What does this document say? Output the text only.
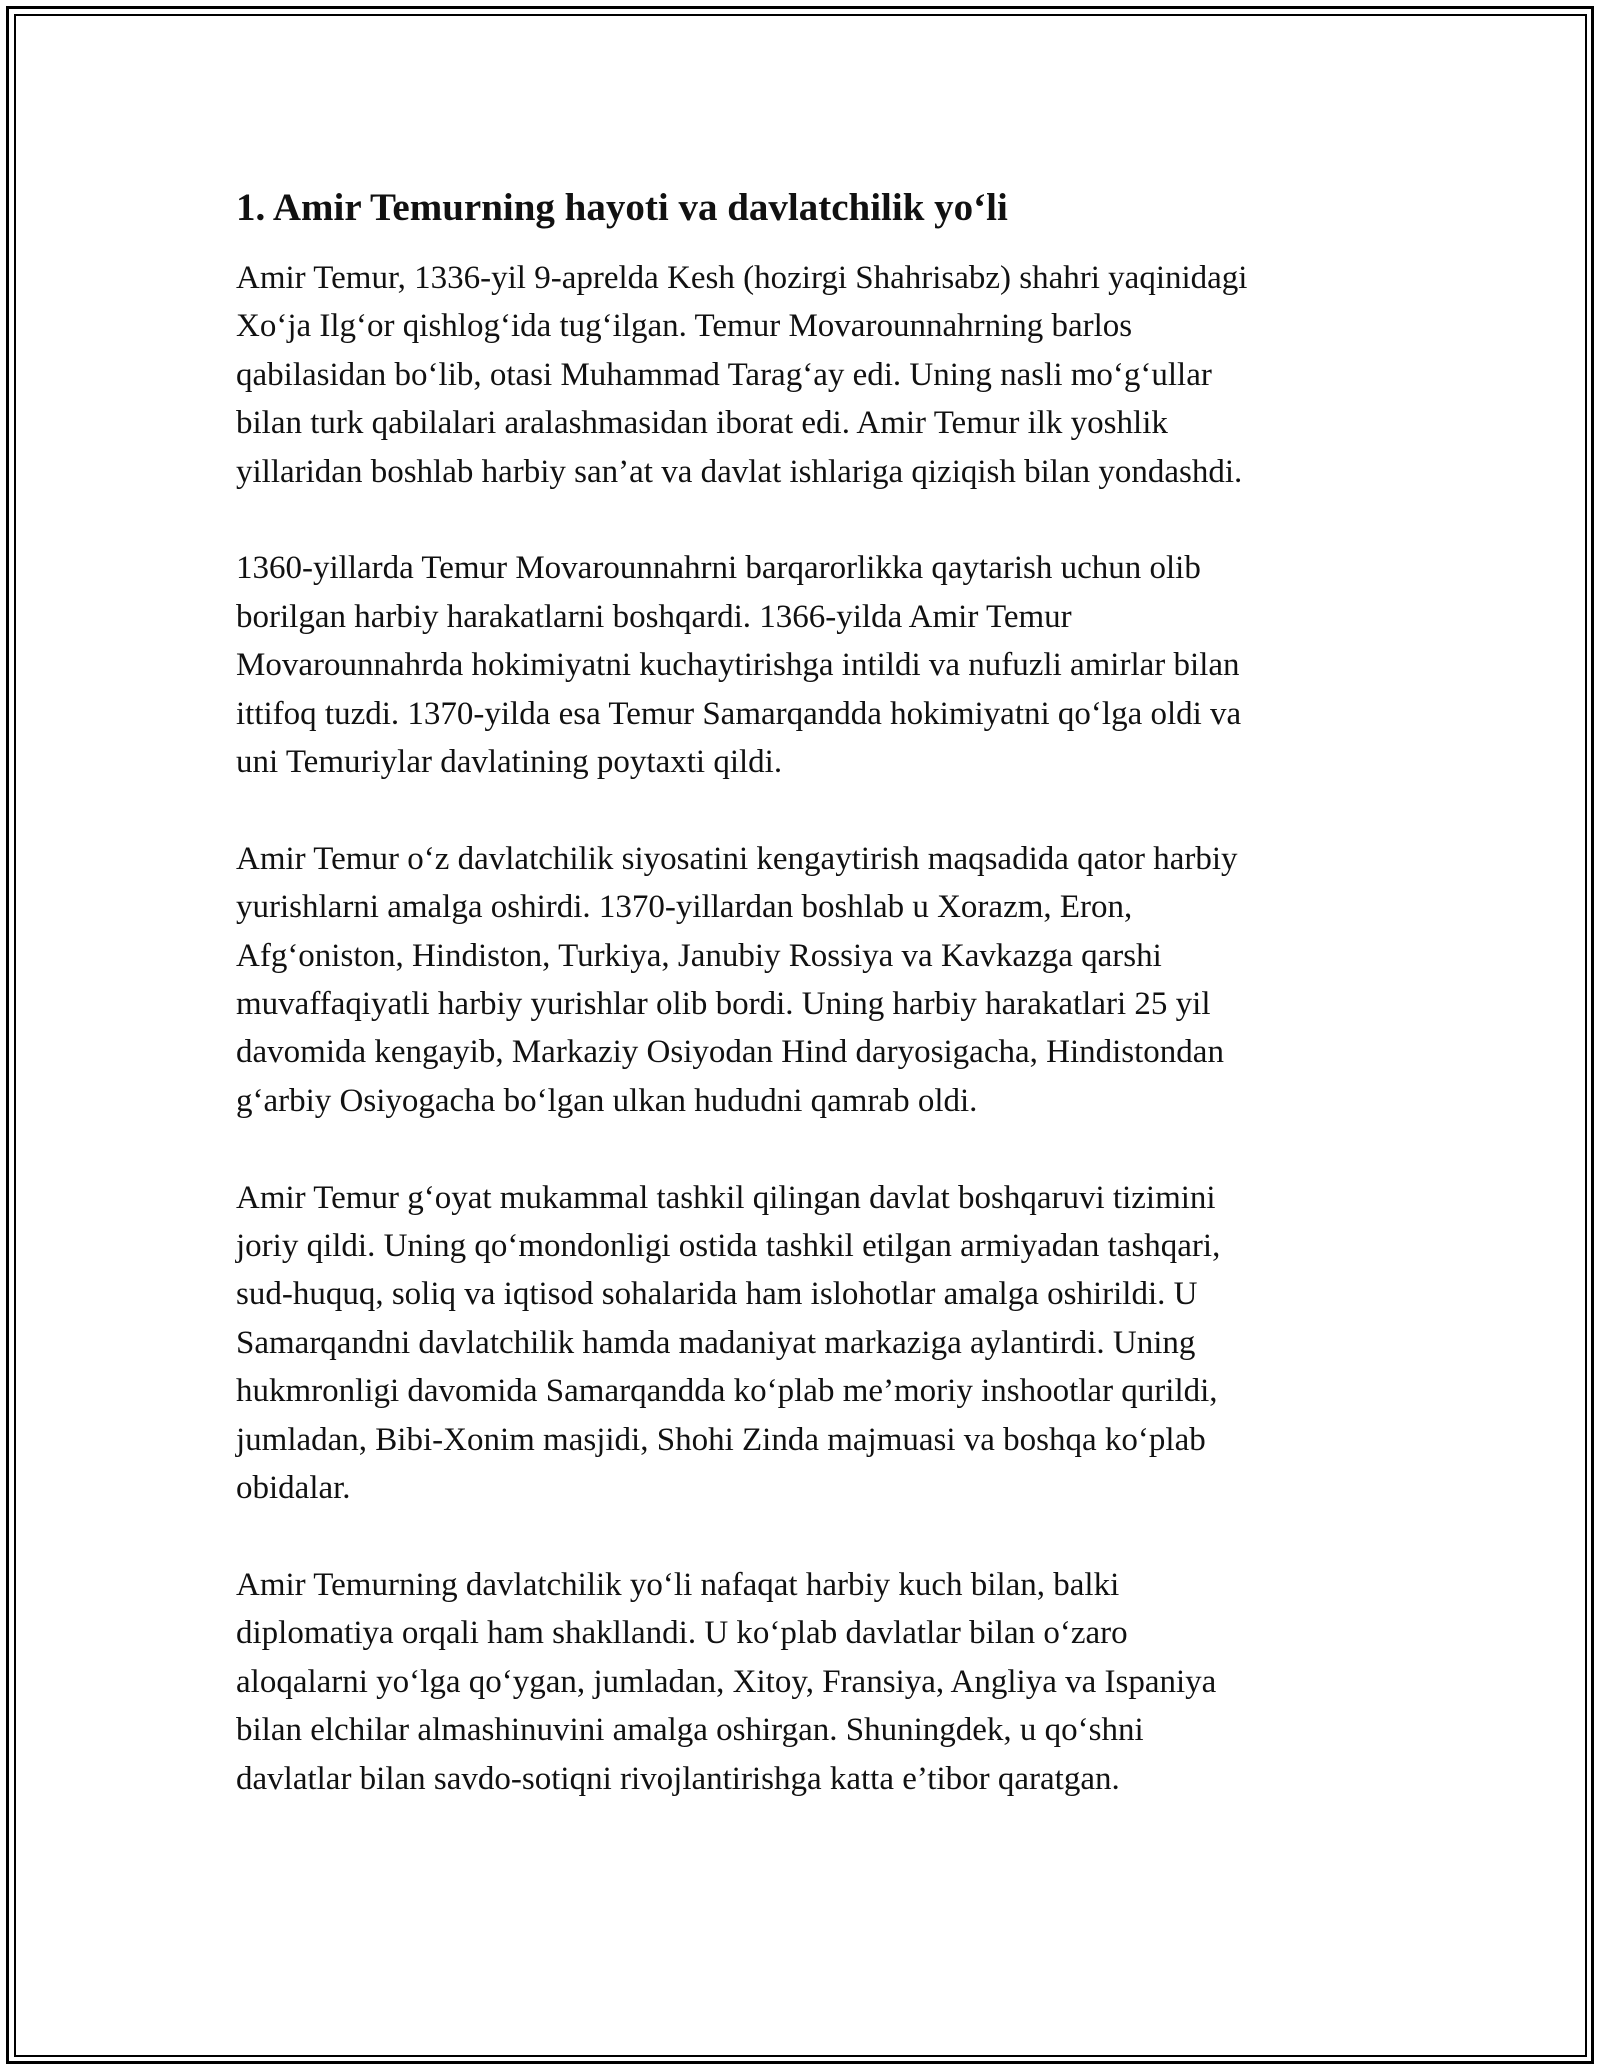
1. Amir Temurning hayoti va davlatchilik yo‘li

Amir Temur, 1336-yil 9-aprelda Kesh (hozirgi Shahrisabz) shahri yaqinidagi
Xo‘ja Ilg‘or qishlog‘ida tug‘ilgan. Temur Movarounnahrning barlos
qabilasidan bo‘lib, otasi Muhammad Tarag‘ay edi. Uning nasli mo‘g‘ullar
bilan turk qabilalari aralashmasidan iborat edi. Amir Temur ilk yoshlik
yillaridan boshlab harbiy san’at va davlat ishlariga qiziqish bilan yondashdi.

1360-yillarda Temur Movarounnahrni barqarorlikka qaytarish uchun olib
borilgan harbiy harakatlarni boshqardi. 1366-yilda Amir Temur
Movarounnahrda hokimiyatni kuchaytirishga intildi va nufuzli amirlar bilan
ittifoq tuzdi. 1370-yilda esa Temur Samarqandda hokimiyatni qo‘lga oldi va
uni Temuriylar davlatining poytaxti qildi.

Amir Temur o‘z davlatchilik siyosatini kengaytirish maqsadida qator harbiy
yurishlarni amalga oshirdi. 1370-yillardan boshlab u Xorazm, Eron,
Afg‘oniston, Hindiston, Turkiya, Janubiy Rossiya va Kavkazga qarshi
muvaffaqiyatli harbiy yurishlar olib bordi. Uning harbiy harakatlari 25 yil
davomida kengayib, Markaziy Osiyodan Hind daryosigacha, Hindistondan
g‘arbiy Osiyogacha bo‘lgan ulkan hududni qamrab oldi.

Amir Temur g‘oyat mukammal tashkil qilingan davlat boshqaruvi tizimini
joriy qildi. Uning qo‘mondonligi ostida tashkil etilgan armiyadan tashqari,
sud-huquq, soliq va iqtisod sohalarida ham islohotlar amalga oshirildi. U
Samarqandni davlatchilik hamda madaniyat markaziga aylantirdi. Uning
hukmronligi davomida Samarqandda ko‘plab me’moriy inshootlar qurildi,
jumladan, Bibi-Xonim masjidi, Shohi Zinda majmuasi va boshqa ko‘plab
obidalar.

Amir Temurning davlatchilik yo‘li nafaqat harbiy kuch bilan, balki
diplomatiya orqali ham shakllandi. U ko‘plab davlatlar bilan o‘zaro
aloqalarni yo‘lga qo‘ygan, jumladan, Xitoy, Fransiya, Angliya va Ispaniya
bilan elchilar almashinuvini amalga oshirgan. Shuningdek, u qo‘shni
davlatlar bilan savdo-sotiqni rivojlantirishga katta e’tibor qaratgan.
